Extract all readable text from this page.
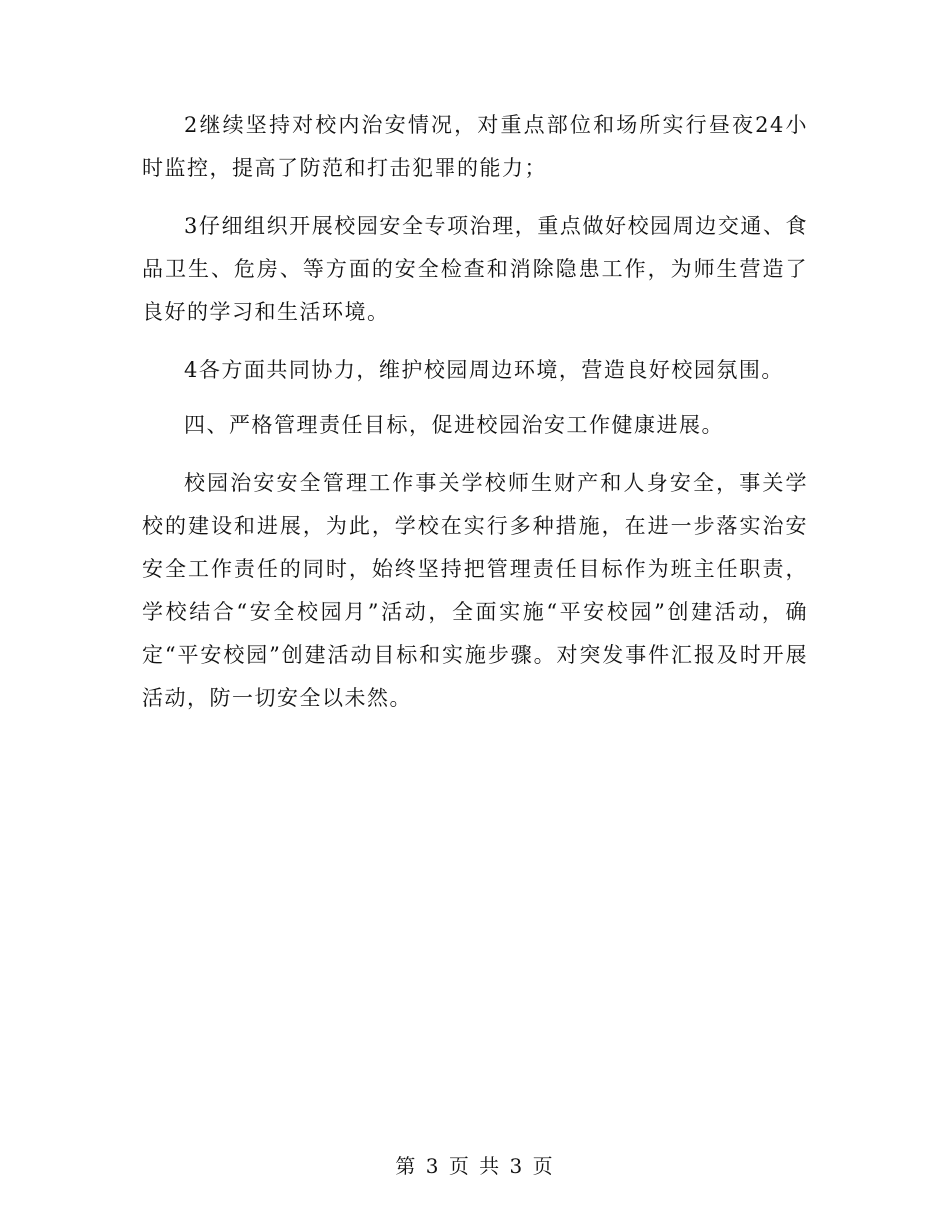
2继续坚持对校内治安情况，对重点部位和场所实行昼夜24小时监控，提高了防范和打击犯罪的能力；

3仔细组织开展校园安全专项治理，重点做好校园周边交通、食品卫生、危房、等方面的安全检查和消除隐患工作，为师生营造了良好的学习和生活环境。

4各方面共同协力，维护校园周边环境，营造良好校园氛围。

四、严格管理责任目标，促进校园治安工作健康进展。

校园治安安全管理工作事关学校师生财产和人身安全，事关学校的建设和进展，为此，学校在实行多种措施，在进一步落实治安安全工作责任的同时，始终坚持把管理责任目标作为班主任职责，学校结合“安全校园月”活动，全面实施“平安校园”创建活动，确定“平安校园”创建活动目标和实施步骤。对突发事件汇报及时开展活动，防一切安全以未然。

第 3 页 共 3 页
